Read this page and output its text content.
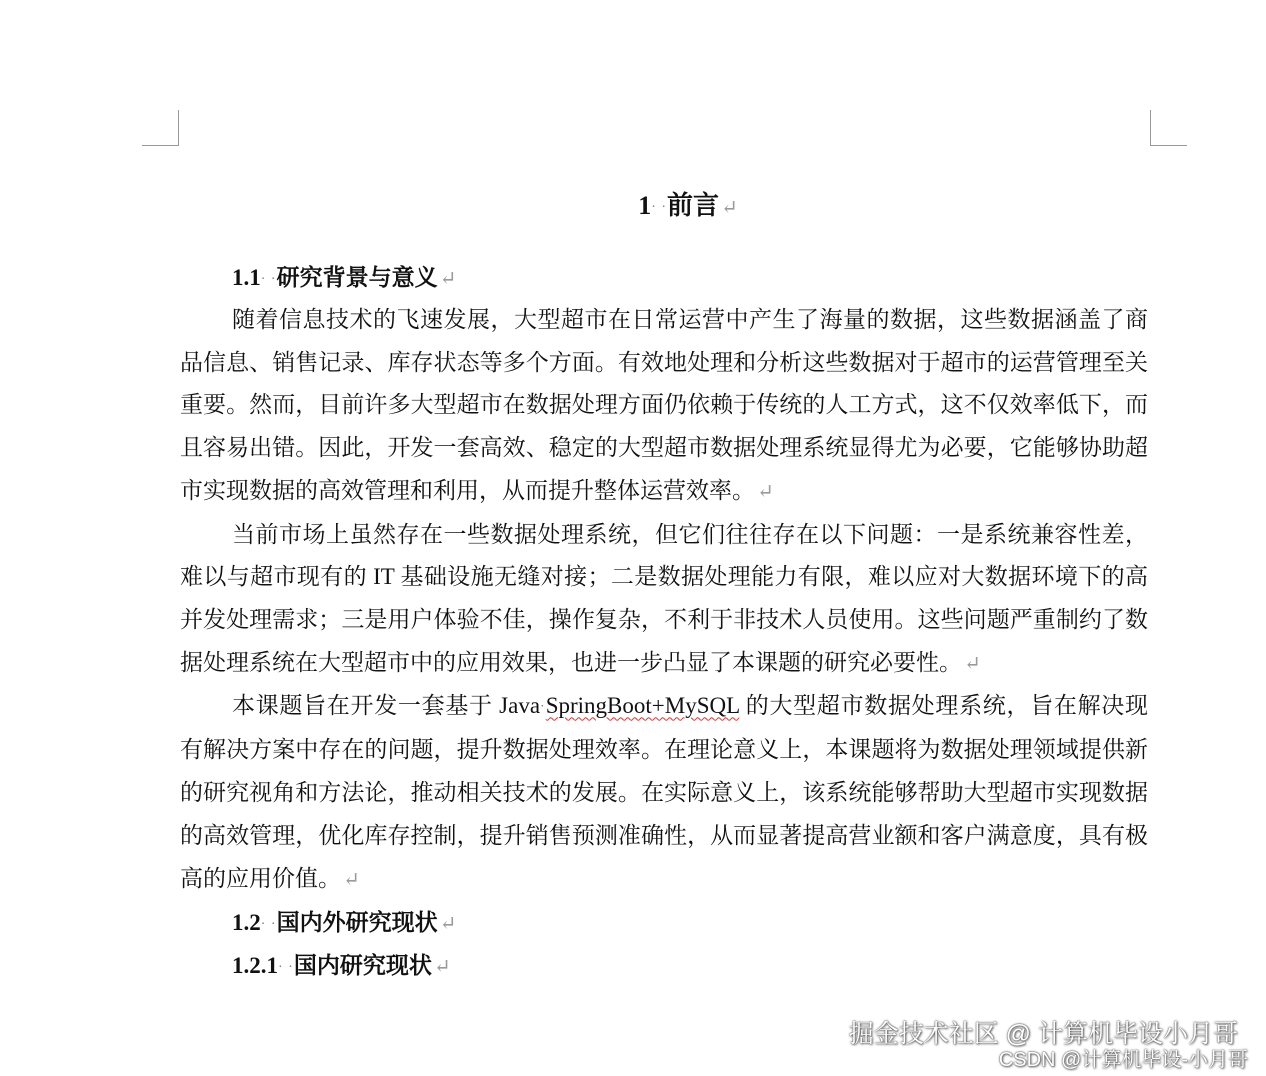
1· ·前言 ↵
1.1· ·研究背景与意义 ↵
随着信息技术的飞速发展，大型超市在日常运营中产生了海量的数据，这些数据涵盖了商品信息、销售记录、库存状态等多个方面。有效地处理和分析这些数据对于超市的运营管理至关重要。然而，目前许多大型超市在数据处理方面仍依赖于传统的人工方式，这不仅效率低下，而且容易出错。因此，开发一套高效、稳定的大型超市数据处理系统显得尤为必要，它能够协助超市实现数据的高效管理和利用，从而提升整体运营效率。 ↵
当前市场上虽然存在一些数据处理系统，但它们往往存在以下问题：一是系统兼容性差，难以与超市现有的 IT 基础设施无缝对接；二是数据处理能力有限，难以应对大数据环境下的高并发处理需求；三是用户体验不佳，操作复杂，不利于非技术人员使用。这些问题严重制约了数据处理系统在大型超市中的应用效果，也进一步凸显了本课题的研究必要性。 ↵
本课题旨在开发一套基于 Java·SpringBoot+MySQL 的大型超市数据处理系统，旨在解决现有解决方案中存在的问题，提升数据处理效率。在理论意义上，本课题将为数据处理领域提供新的研究视角和方法论，推动相关技术的发展。在实际意义上，该系统能够帮助大型超市实现数据的高效管理，优化库存控制，提升销售预测准确性，从而显著提高营业额和客户满意度，具有极高的应用价值。 ↵
1.2· ·国内外研究现状 ↵
1.2.1· ·国内研究现状 ↵
掘金技术社区 @ 计算机毕设小月哥
CSDN @计算机毕设-小月哥
